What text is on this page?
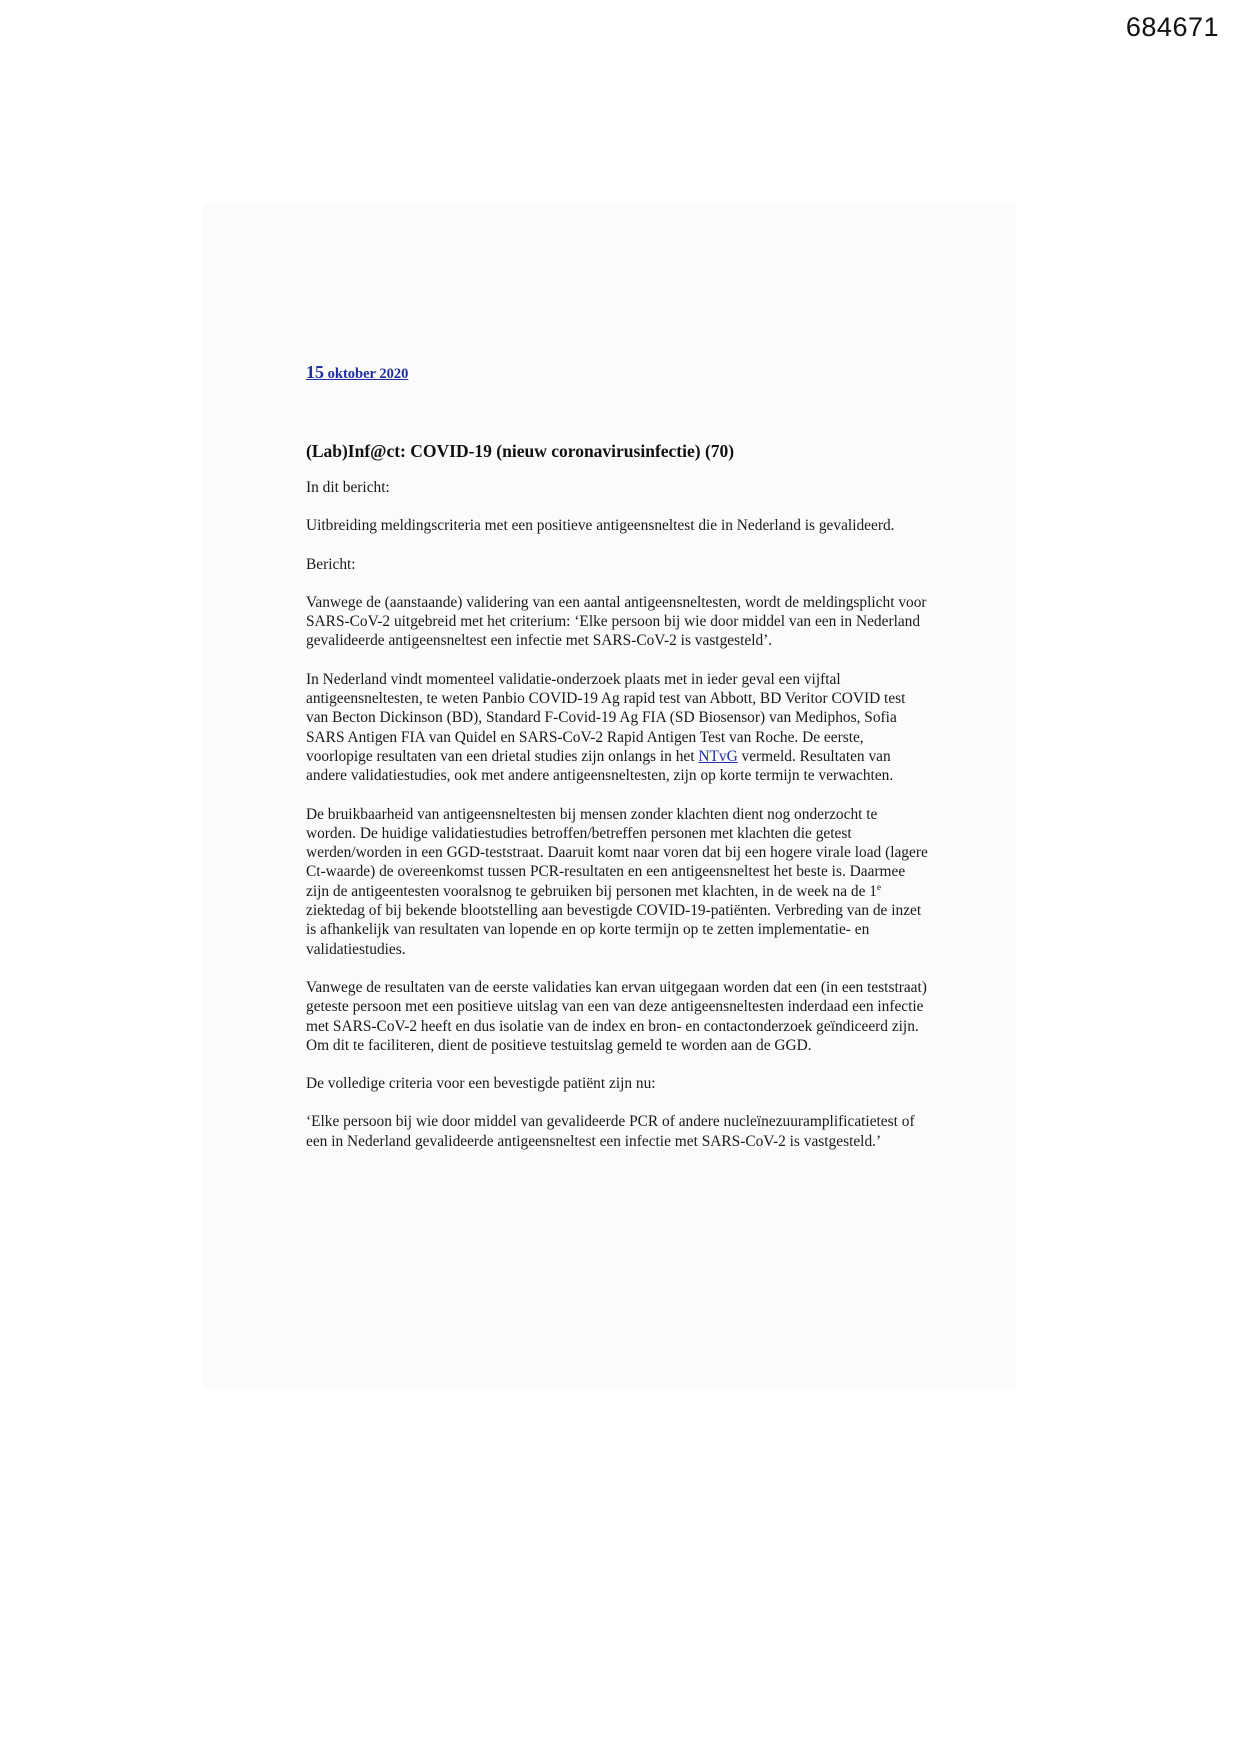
684671
15 oktober 2020
(Lab)Inf@ct: COVID-19 (nieuw coronavirusinfectie) (70)

In dit bericht:

Uitbreiding meldingscriteria met een positieve antigeensneltest die in Nederland is gevalideerd.

Bericht:

Vanwege de (aanstaande) validering van een aantal antigeensneltesten, wordt de meldingsplicht voor SARS-CoV-2 uitgebreid met het criterium: ‘Elke persoon bij wie door middel van een in Nederland gevalideerde antigeensneltest een infectie met SARS-CoV-2 is vastgesteld’.

In Nederland vindt momenteel validatie-onderzoek plaats met in ieder geval een vijftal antigeensneltesten, te weten Panbio COVID-19 Ag rapid test van Abbott, BD Veritor COVID test van Becton Dickinson (BD), Standard F-Covid-19 Ag FIA (SD Biosensor) van Mediphos, Sofia SARS Antigen FIA van Quidel en SARS-CoV-2 Rapid Antigen Test van Roche. De eerste, voorlopige resultaten van een drietal studies zijn onlangs in het NTvG vermeld. Resultaten van andere validatiestudies, ook met andere antigeensneltesten, zijn op korte termijn te verwachten.

De bruikbaarheid van antigeensneltesten bij mensen zonder klachten dient nog onderzocht te worden. De huidige validatiestudies betroffen/betreffen personen met klachten die getest werden/worden in een GGD-teststraat. Daaruit komt naar voren dat bij een hogere virale load (lagere Ct-waarde) de overeenkomst tussen PCR-resultaten en een antigeensneltest het beste is. Daarmee zijn de antigeentesten vooralsnog te gebruiken bij personen met klachten, in de week na de 1e ziektedag of bij bekende blootstelling aan bevestigde COVID-19-patiënten. Verbreding van de inzet is afhankelijk van resultaten van lopende en op korte termijn op te zetten implementatie- en validatiestudies.

Vanwege de resultaten van de eerste validaties kan ervan uitgegaan worden dat een (in een teststraat) geteste persoon met een positieve uitslag van een van deze antigeensneltesten inderdaad een infectie met SARS-CoV-2 heeft en dus isolatie van de index en bron- en contactonderzoek geïndiceerd zijn. Om dit te faciliteren, dient de positieve testuitslag gemeld te worden aan de GGD.

De volledige criteria voor een bevestigde patiënt zijn nu:

‘Elke persoon bij wie door middel van gevalideerde PCR of andere nucleïnezuuramplificatietest of een in Nederland gevalideerde antigeensneltest een infectie met SARS-CoV-2 is vastgesteld.’
